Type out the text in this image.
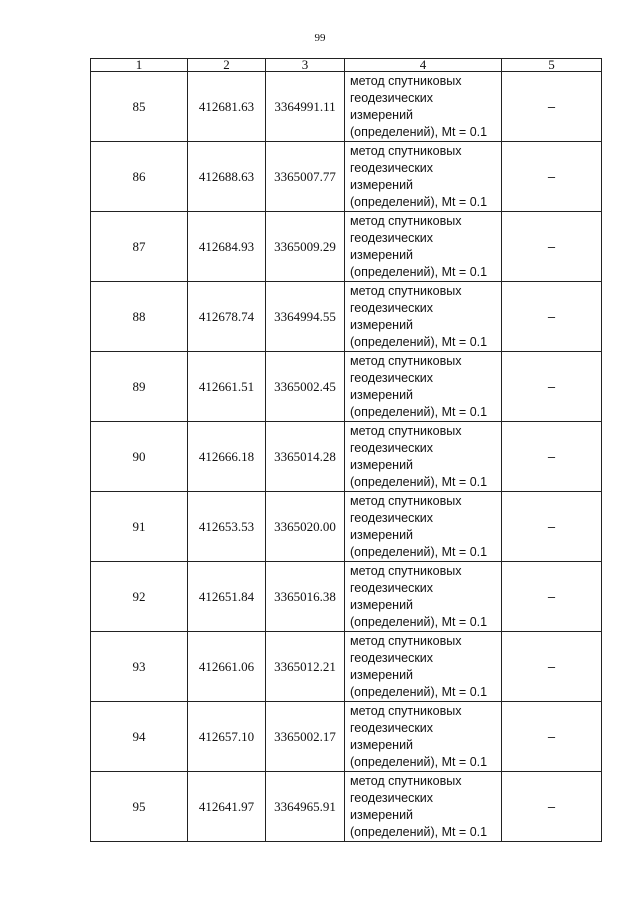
99
1	2	3	4	5
85	412681.63	3364991.11	метод спутниковых
геодезических
измерений
(определений), Mt = 0.1	–
86	412688.63	3365007.77	метод спутниковых
геодезических
измерений
(определений), Mt = 0.1	–
87	412684.93	3365009.29	метод спутниковых
геодезических
измерений
(определений), Mt = 0.1	–
88	412678.74	3364994.55	метод спутниковых
геодезических
измерений
(определений), Mt = 0.1	–
89	412661.51	3365002.45	метод спутниковых
геодезических
измерений
(определений), Mt = 0.1	–
90	412666.18	3365014.28	метод спутниковых
геодезических
измерений
(определений), Mt = 0.1	–
91	412653.53	3365020.00	метод спутниковых
геодезических
измерений
(определений), Mt = 0.1	–
92	412651.84	3365016.38	метод спутниковых
геодезических
измерений
(определений), Mt = 0.1	–
93	412661.06	3365012.21	метод спутниковых
геодезических
измерений
(определений), Mt = 0.1	–
94	412657.10	3365002.17	метод спутниковых
геодезических
измерений
(определений), Mt = 0.1	–
95	412641.97	3364965.91	метод спутниковых
геодезических
измерений
(определений), Mt = 0.1	–
